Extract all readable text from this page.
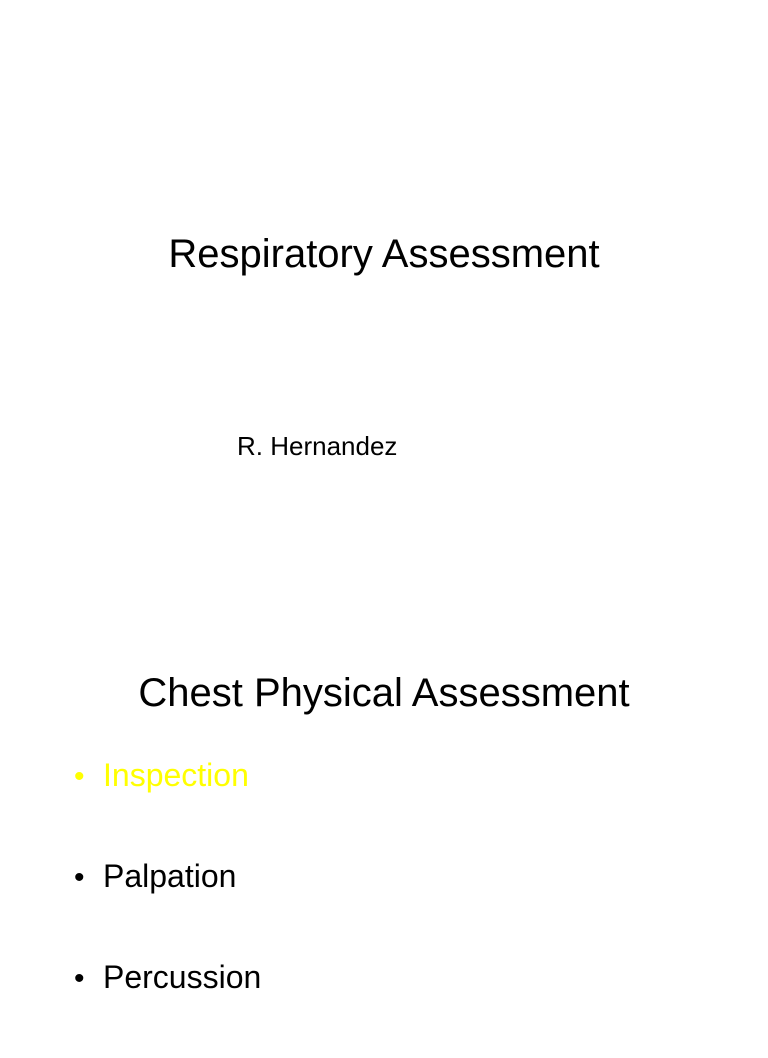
Respiratory Assessment
R. Hernandez
Chest Physical Assessment
• Inspection
• Palpation
• Percussion
